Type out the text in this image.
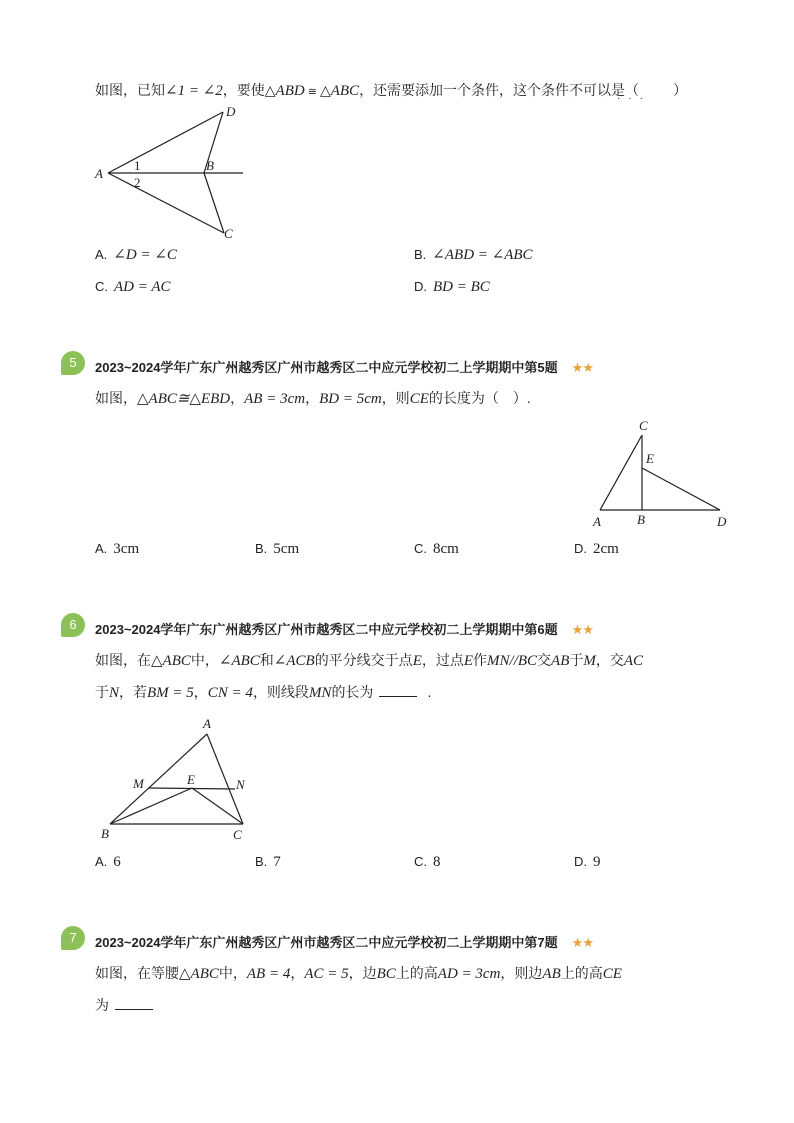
如图，已知∠1 = ∠2，要使△ABD ≅ △ABC，还需要添加一个条件，这个条件不可以是（ ）
···
A
B
D
C
1
2
A. ∠D = ∠C	B. ∠ABD = ∠ABC
C. AD = AC	D. BD = BC
5	2023~2024学年广东广州越秀区广州市越秀区二中应元学校初二上学期期中第5题 ★★
如图，△ABC≅△EBD，AB = 3cm，BD = 5cm，则CE的长度为（　）.
C
E
A	B	D
A. 3cm	B. 5cm	C. 8cm	D. 2cm
6	2023~2024学年广东广州越秀区广州市越秀区二中应元学校初二上学期期中第6题 ★★
如图，在△ABC中，∠ABC和∠ACB的平分线交于点E，过点E作MN//BC交AB于M，交AC
于N，若BM = 5，CN = 4，则线段MN的长为	.
A
M	E	N
B	C
A. 6	B. 7	C. 8	D. 9
7	2023~2024学年广东广州越秀区广州市越秀区二中应元学校初二上学期期中第7题 ★★
如图，在等腰△ABC中，AB = 4，AC = 5，边BC上的高AD = 3cm，则边AB上的高CE
为
